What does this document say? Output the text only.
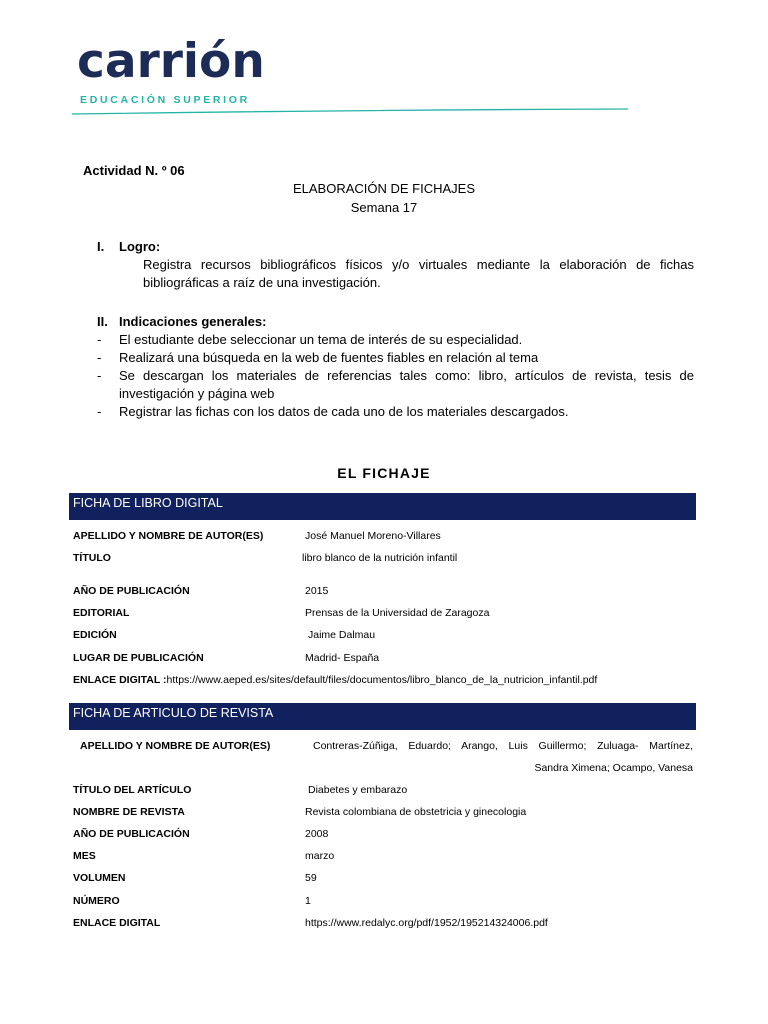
carrión
EDUCACIÓN SUPERIOR
Actividad N. º 06
ELABORACIÓN DE FICHAJES
Semana 17
I. Logro:
Registra recursos bibliográficos físicos y/o virtuales mediante la elaboración de fichas
bibliográficas a raíz de una investigación.
II. Indicaciones generales:
- El estudiante debe seleccionar un tema de interés de su especialidad.
- Realizará una búsqueda en la web de fuentes fiables en relación al tema
- Se descargan los materiales de referencias tales como: libro, artículos de revista, tesis de
investigación y página web
- Registrar las fichas con los datos de cada uno de los materiales descargados.
EL FICHAJE
FICHA DE LIBRO DIGITAL
APELLIDO Y NOMBRE DE AUTOR(ES)	José Manuel Moreno-Villares
TÍTULO	libro blanco de la nutrición infantil
AÑO DE PUBLICACIÓN	2015
EDITORIAL	Prensas de la Universidad de Zaragoza
EDICIÓN	Jaime Dalmau
LUGAR DE PUBLICACIÓN	Madrid- España
ENLACE DIGITAL :https://www.aeped.es/sites/default/files/documentos/libro_blanco_de_la_nutricion_infantil.pdf
FICHA DE ARTICULO DE REVISTA
APELLIDO Y NOMBRE DE AUTOR(ES)	Contreras-Zúñiga, Eduardo; Arango, Luis Guillermo; Zuluaga- Martínez,
Sandra Ximena; Ocampo, Vanesa
TÍTULO DEL ARTÍCULO	Diabetes y embarazo
NOMBRE DE REVISTA	Revista colombiana de obstetricia y ginecologia
AÑO DE PUBLICACIÓN	2008
MES	marzo
VOLUMEN	59
NÚMERO	1
ENLACE DIGITAL	https://www.redalyc.org/pdf/1952/195214324006.pdf
